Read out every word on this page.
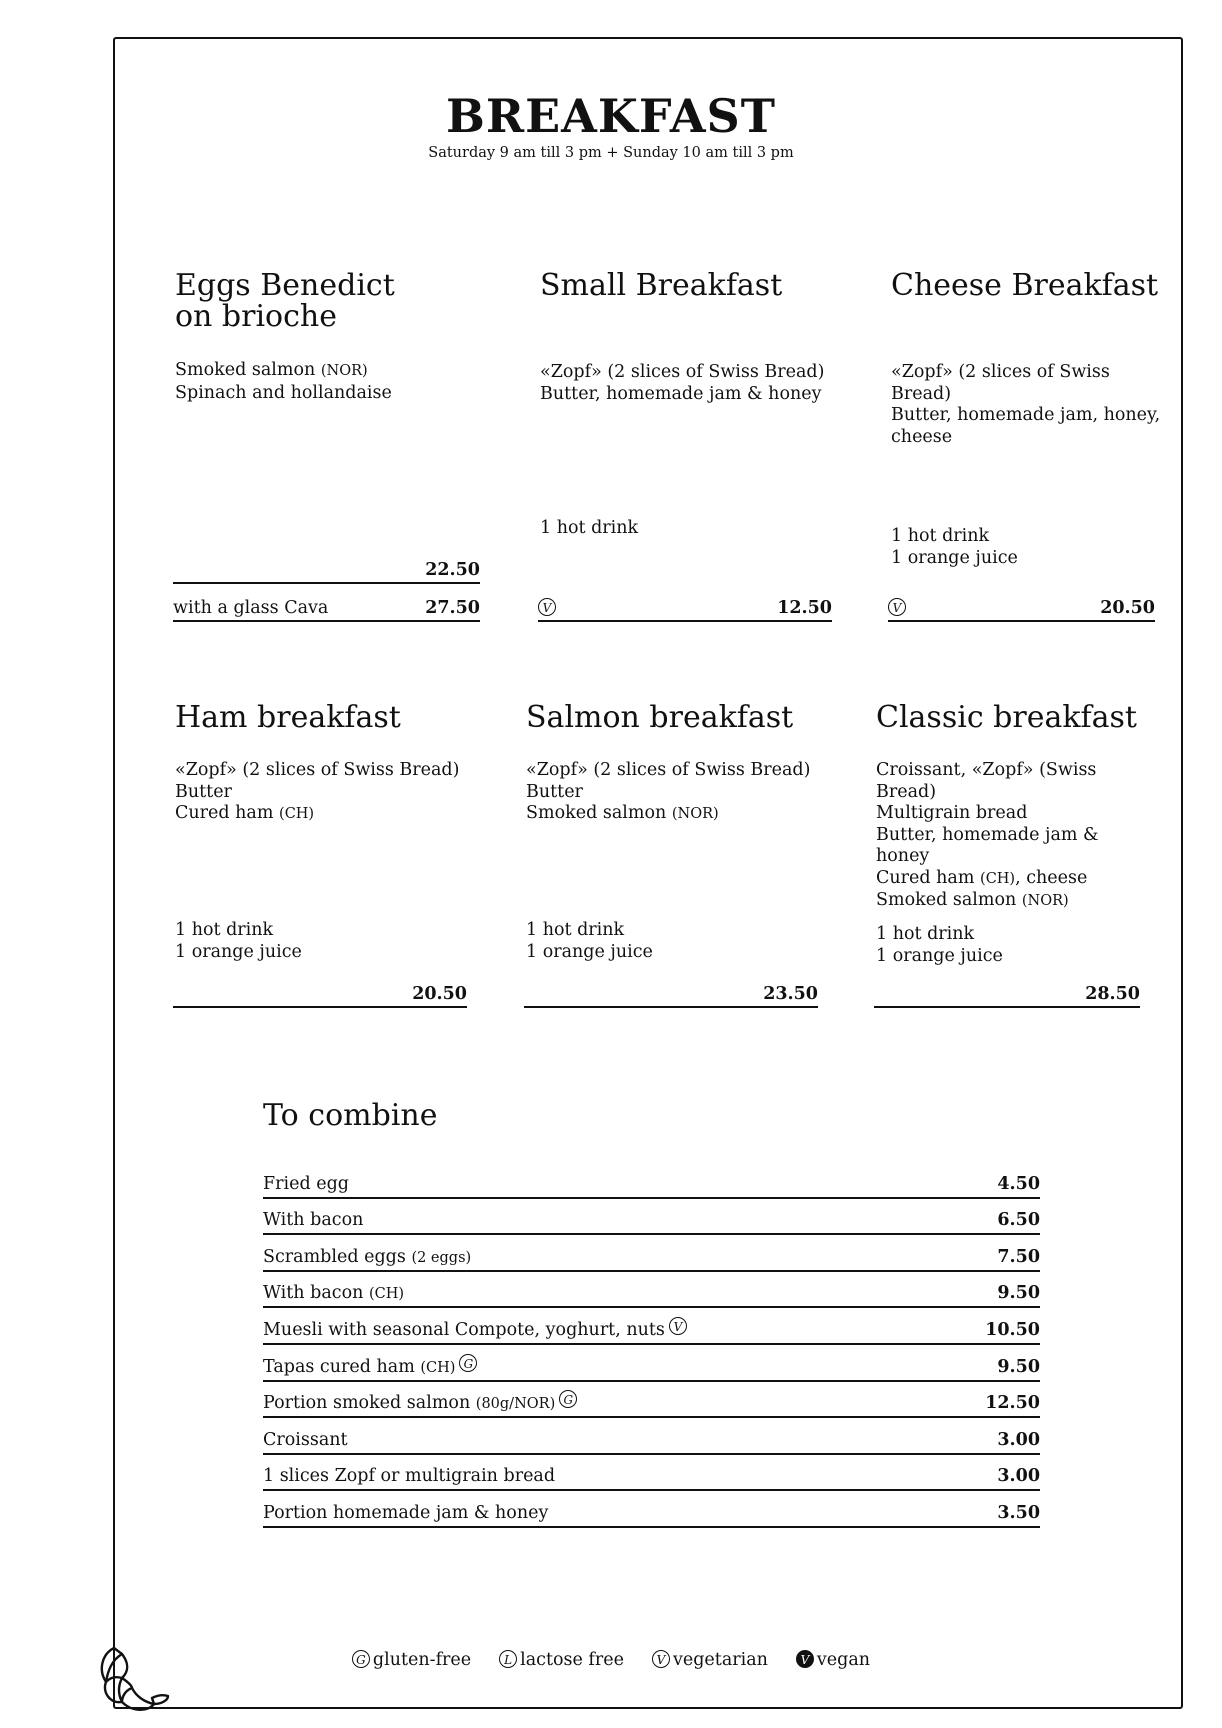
BREAKFAST

Saturday 9 am till 3 pm + Sunday 10 am till 3 pm

Eggs Benedict
on brioche
Smoked salmon (NOR)
Spinach and hollandaise
22.50
with a glass Cava	27.50
Small Breakfast
«Zopf» (2 slices of Swiss Bread)
Butter, homemade jam & honey
1 hot drink
V	12.50
Cheese Breakfast
«Zopf» (2 slices of Swiss
Bread)
Butter, homemade jam, honey,
cheese
1 hot drink
1 orange juice
V	20.50
Ham breakfast
«Zopf» (2 slices of Swiss Bread)
Butter
Cured ham (CH)
1 hot drink
1 orange juice
20.50
Salmon breakfast
«Zopf» (2 slices of Swiss Bread)
Butter
Smoked salmon (NOR)
1 hot drink
1 orange juice
23.50
Classic breakfast
Croissant, «Zopf» (Swiss
Bread)
Multigrain bread
Butter, homemade jam &
honey
Cured ham (CH), cheese
Smoked salmon (NOR)
1 hot drink
1 orange juice
28.50
To combine
Fried egg	4.50
With bacon	6.50
Scrambled eggs (2 eggs)	7.50
With bacon (CH)	9.50
Muesli with seasonal Compote, yoghurt, nuts V	10.50
Tapas cured ham (CH) G	9.50
Portion smoked salmon (80g/NOR) G	12.50
Croissant	3.00
1 slices Zopf or multigrain bread	3.00
Portion homemade jam & honey	3.50
G gluten-free	L lactose free	V vegetarian	V vegan
